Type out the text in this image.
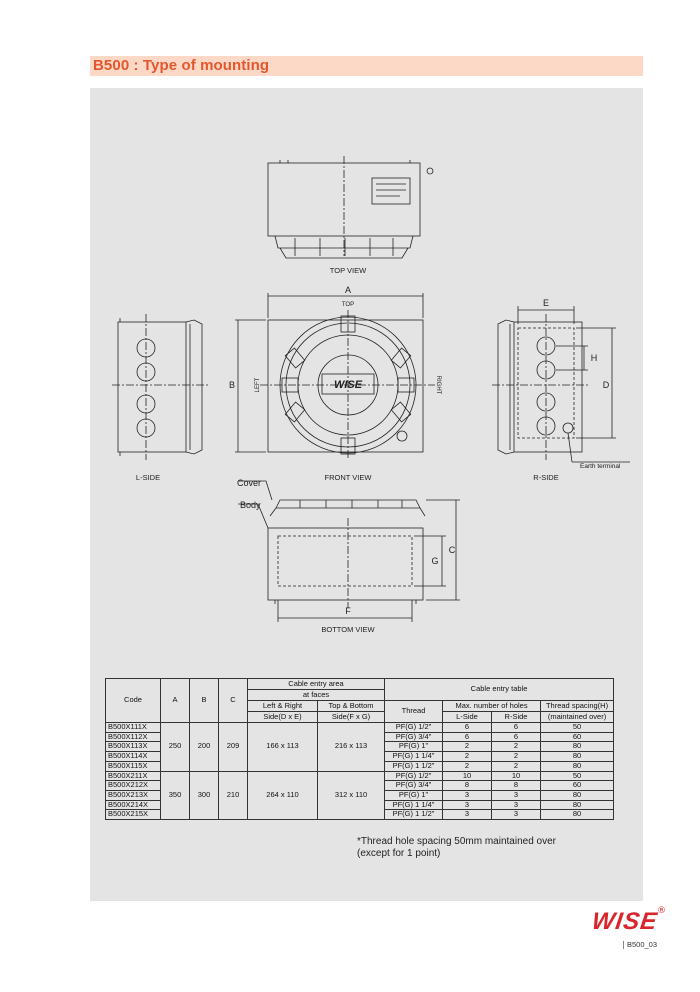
B500 : Type of mounting
TOP VIEW
FRONT VIEW
BOTTOM VIEW
L-SIDE	R-SIDE
TOP
LEFT	RIGHT
A
B
E
D
H
F
G
C
Cover
Body
Earth terminal
WISE
Code	A	B	C	Cable entry area		Cable entry table			
				at faces					
				Left & Right	Top & Bottom	Thread	Max. number of holes		Thread spacing(H)
				Side(D x E)	Side(F x G)		L-Side	R-Side	(maintained over)
B500X111X	250	200	209	166 x 113	216 x 113	PF(G) 1/2"	6	6	50
B500X112X						PF(G) 3/4"	6	6	60
B500X113X						PF(G) 1"	2	2	80
B500X114X						PF(G) 1 1/4"	2	2	80
B500X115X						PF(G) 1 1/2"	2	2	80
B500X211X	350	300	210	264 x 110	312 x 110	PF(G) 1/2"	10	10	50
B500X212X						PF(G) 3/4"	8	8	60
B500X213X						PF(G) 1"	3	3	80
B500X214X						PF(G) 1 1/4"	3	3	80
B500X215X						PF(G) 1 1/2"	3	3	80
*Thread hole spacing 50mm maintained over
(except for 1 point)
WISE
®
B500_03
